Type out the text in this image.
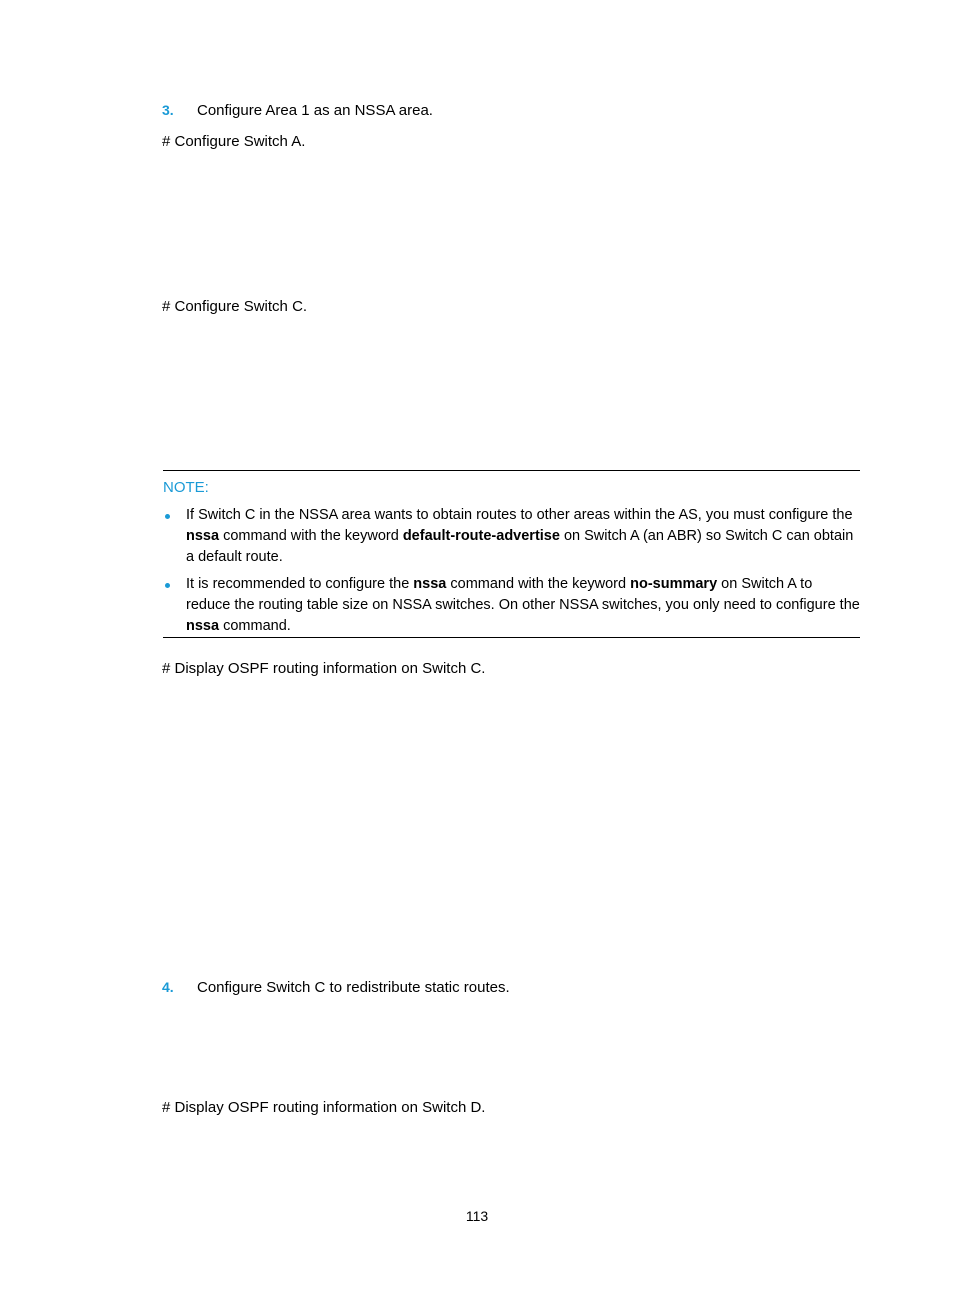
3. Configure Area 1 as an NSSA area.
# Configure Switch A.
# Configure Switch C.
NOTE:
If Switch C in the NSSA area wants to obtain routes to other areas within the AS, you must configure the nssa command with the keyword default-route-advertise on Switch A (an ABR) so Switch C can obtain a default route.
It is recommended to configure the nssa command with the keyword no-summary on Switch A to reduce the routing table size on NSSA switches. On other NSSA switches, you only need to configure the nssa command.
# Display OSPF routing information on Switch C.
4. Configure Switch C to redistribute static routes.
# Display OSPF routing information on Switch D.
113
